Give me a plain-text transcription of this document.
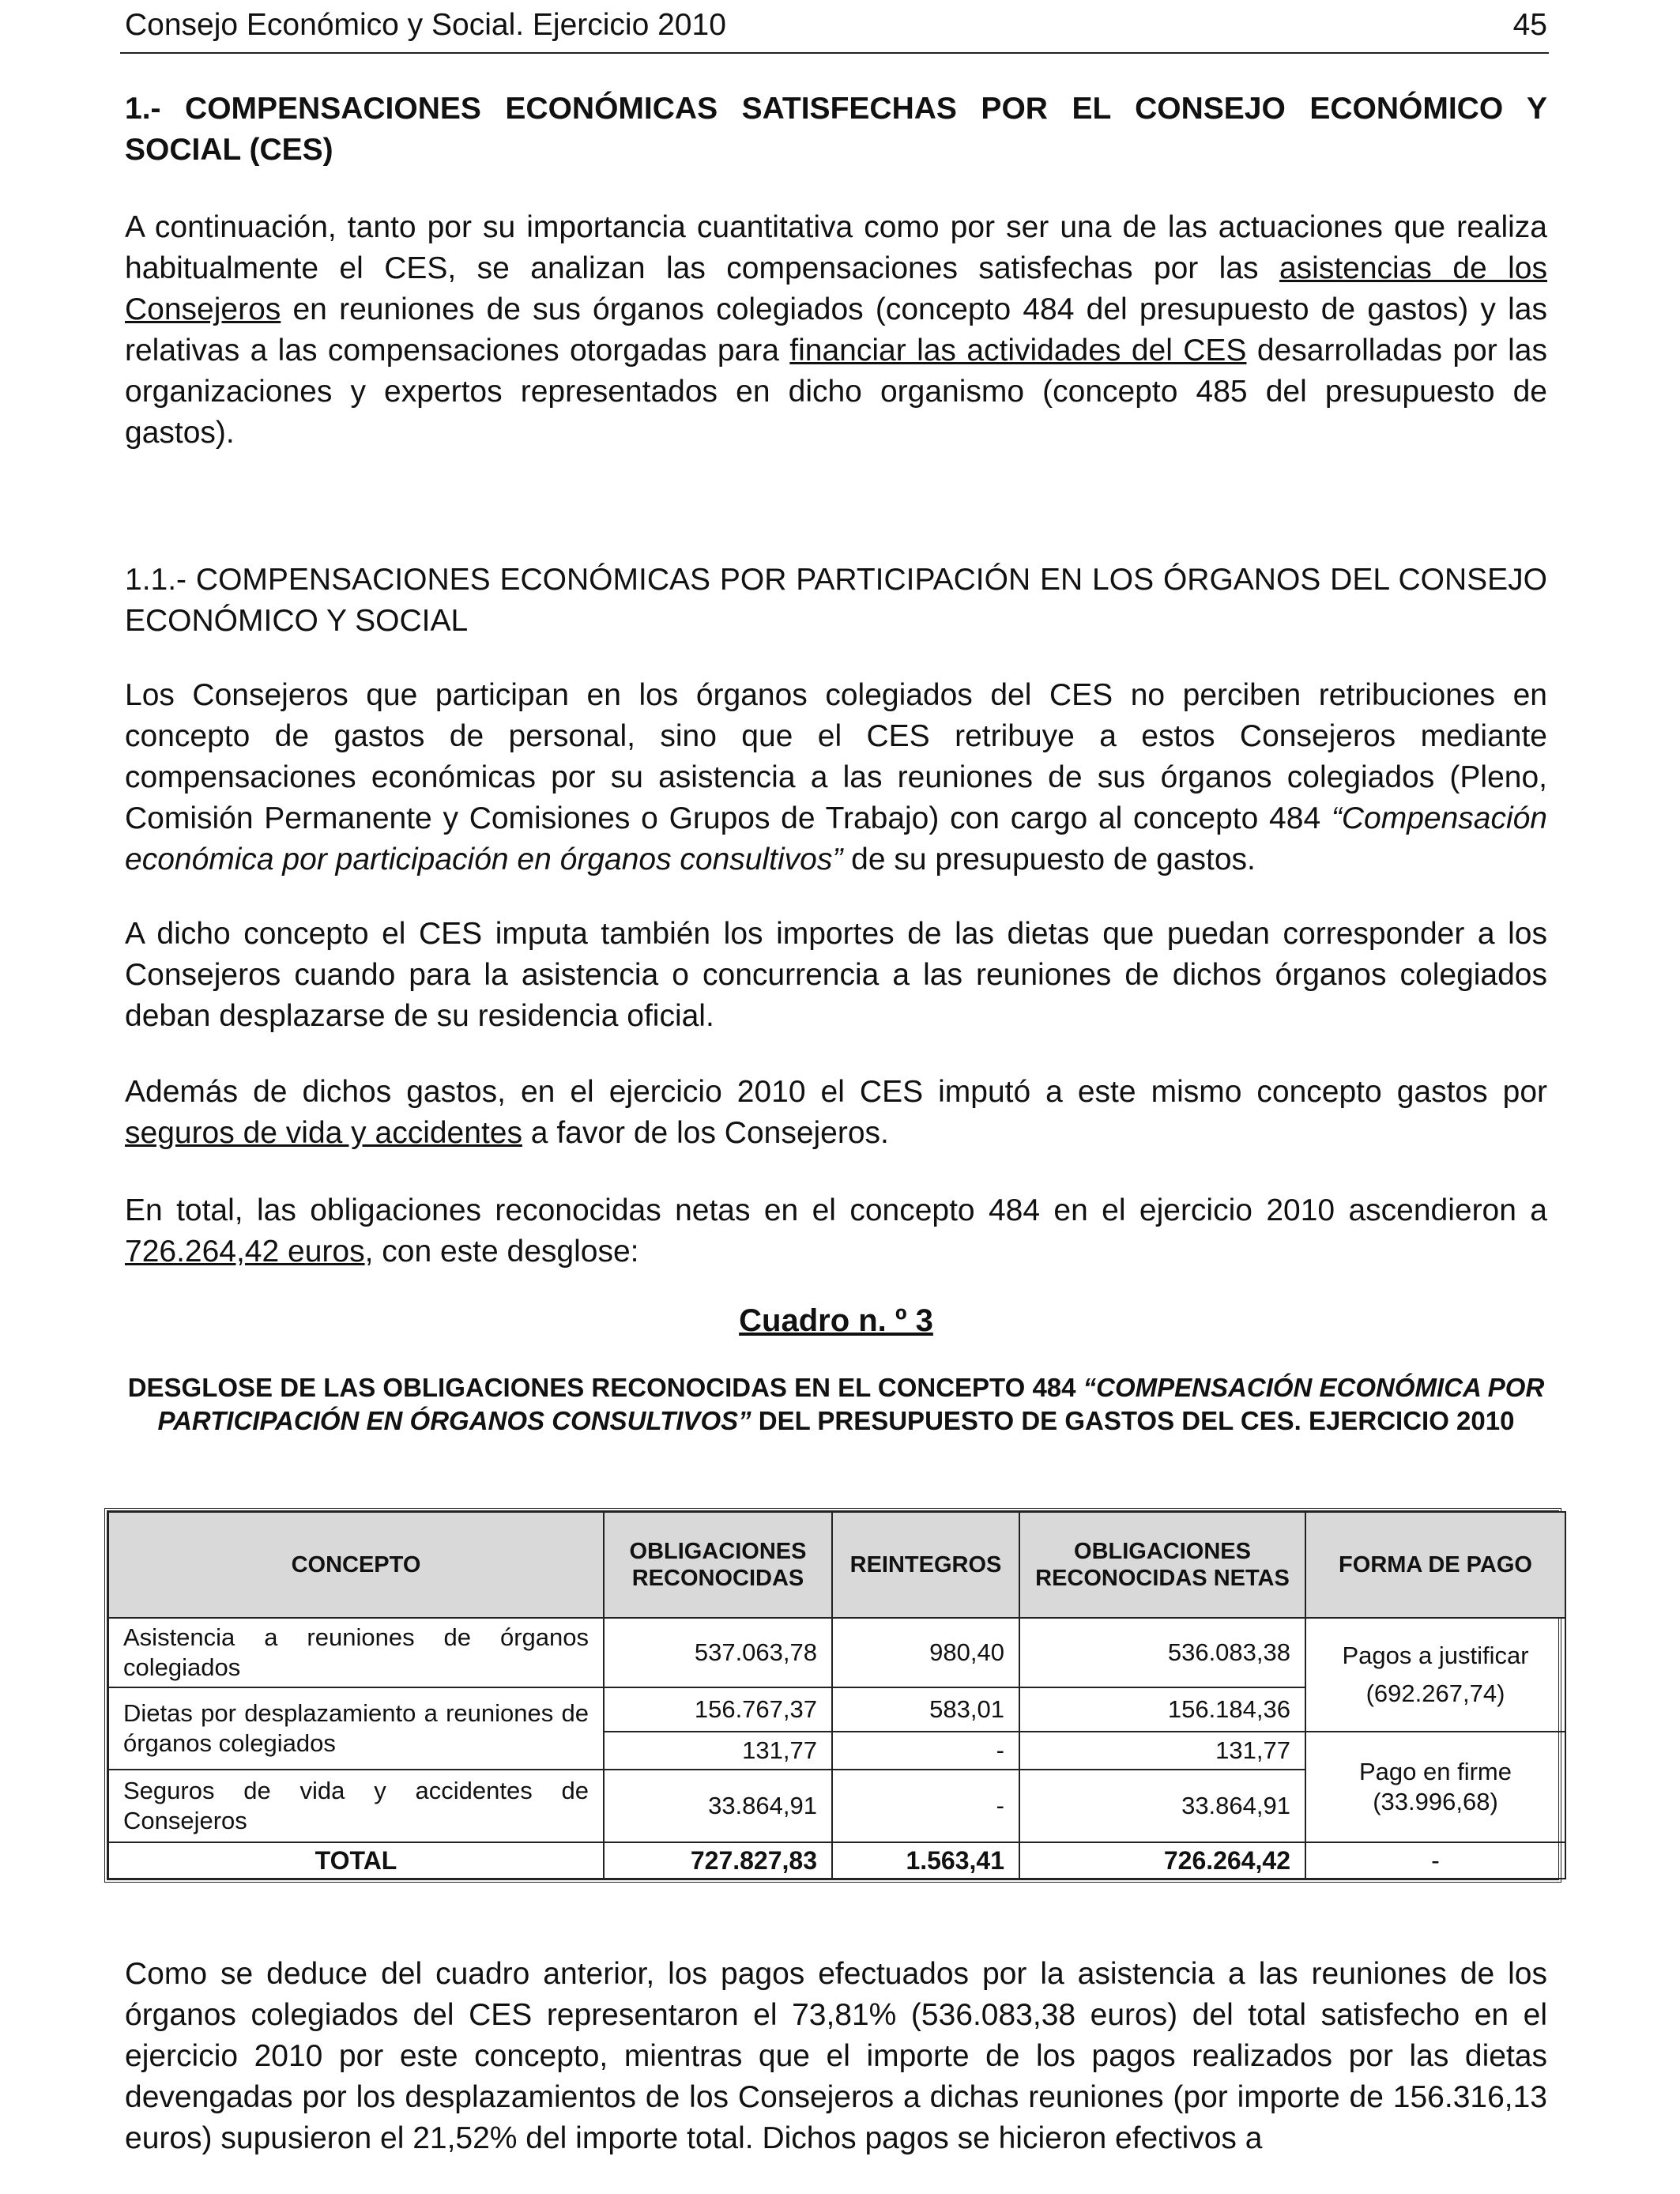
Consejo Económico y Social. Ejercicio 2010	45
1.- COMPENSACIONES ECONÓMICAS SATISFECHAS POR EL CONSEJO ECONÓMICO Y SOCIAL (CES)
A continuación, tanto por su importancia cuantitativa como por ser una de las actuaciones que realiza habitualmente el CES, se analizan las compensaciones satisfechas por las asistencias de los Consejeros en reuniones de sus órganos colegiados (concepto 484 del presupuesto de gastos) y las relativas a las compensaciones otorgadas para financiar las actividades del CES desarrolladas por las organizaciones y expertos representados en dicho organismo (concepto 485 del presupuesto de gastos).
1.1.- COMPENSACIONES ECONÓMICAS POR PARTICIPACIÓN EN LOS ÓRGANOS DEL CONSEJO ECONÓMICO Y SOCIAL
Los Consejeros que participan en los órganos colegiados del CES no perciben retribuciones en concepto de gastos de personal, sino que el CES retribuye a estos Consejeros mediante compensaciones económicas por su asistencia a las reuniones de sus órganos colegiados (Pleno, Comisión Permanente y Comisiones o Grupos de Trabajo) con cargo al concepto 484 “Compensación económica por participación en órganos consultivos” de su presupuesto de gastos.
A dicho concepto el CES imputa también los importes de las dietas que puedan corresponder a los Consejeros cuando para la asistencia o concurrencia a las reuniones de dichos órganos colegiados deban desplazarse de su residencia oficial.
Además de dichos gastos, en el ejercicio 2010 el CES imputó a este mismo concepto gastos por seguros de vida y accidentes a favor de los Consejeros.
En total, las obligaciones reconocidas netas en el concepto 484 en el ejercicio 2010 ascendieron a 726.264,42 euros, con este desglose:
Cuadro n. º 3
DESGLOSE DE LAS OBLIGACIONES RECONOCIDAS EN EL CONCEPTO 484 “COMPENSACIÓN ECONÓMICA POR PARTICIPACIÓN EN ÓRGANOS CONSULTIVOS” DEL PRESUPUESTO DE GASTOS DEL CES. EJERCICIO 2010
CONCEPTO	OBLIGACIONES RECONOCIDAS	REINTEGROS	OBLIGACIONES RECONOCIDAS NETAS	FORMA DE PAGO
Asistencia a reuniones de órganos colegiados	537.063,78	980,40	536.083,38	Pagos a justificar
(692.267,74)

Dietas por desplazamiento a reuniones de órganos colegiados	156.767,37	583,01	156.184,36	
	131,77	-	131,77	Pago en firme
(33.996,68)

Seguros de vida y accidentes de Consejeros	33.864,91	-	33.864,91	
TOTAL	727.827,83	1.563,41	726.264,42	-
Como se deduce del cuadro anterior, los pagos efectuados por la asistencia a las reuniones de los órganos colegiados del CES representaron el 73,81% (536.083,38 euros) del total satisfecho en el ejercicio 2010 por este concepto, mientras que el importe de los pagos realizados por las dietas devengadas por los desplazamientos de los Consejeros a dichas reuniones (por importe de 156.316,13 euros) supusieron el 21,52% del importe total. Dichos pagos se hicieron efectivos a
